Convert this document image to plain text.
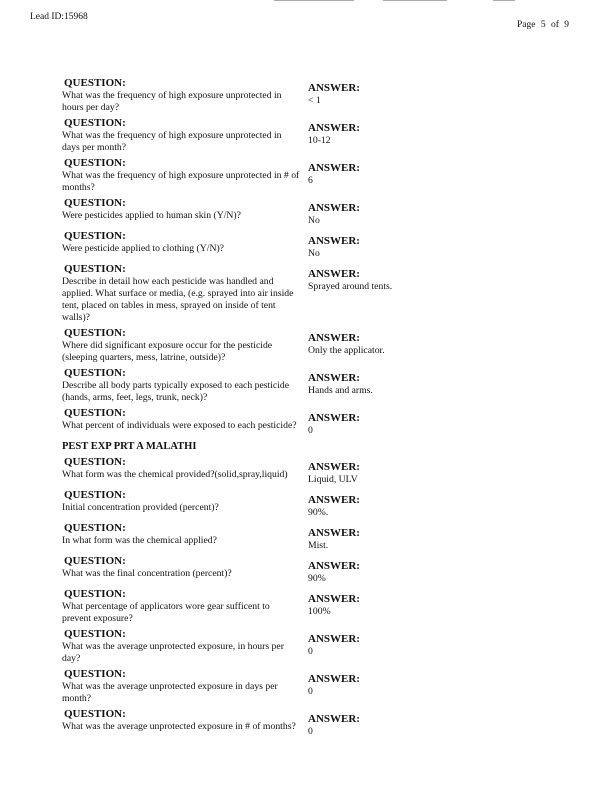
Lead ID:15968
Page 5 of 9
QUESTION:
What was the frequency of high exposure unprotected in hours per day?
ANSWER:
< 1
QUESTION:
What was the frequency of high exposure unprotected in days per month?
ANSWER:
10-12
QUESTION:
What was the frequency of high exposure unprotected in # of months?
ANSWER:
6
QUESTION:
Were pesticides applied to human skin (Y/N)?
ANSWER:
No
QUESTION:
Were pesticide applied to clothing (Y/N)?
ANSWER:
No
QUESTION:
Describe in detail how each pesticide was handled and applied. What surface or media, (e.g. sprayed into air inside tent, placed on tables in mess, sprayed on inside of tent walls)?
ANSWER:
Sprayed around tents.
QUESTION:
Where did significant exposure occur for the pesticide (sleeping quarters, mess, latrine, outside)?
ANSWER:
Only the applicator.
QUESTION:
Describe all body parts typically exposed to each pesticide (hands, arms, feet, legs, trunk, neck)?
ANSWER:
Hands and arms.
QUESTION:
What percent of individuals were exposed to each pesticide?
ANSWER:
0
PEST EXP PRT A MALATHI
QUESTION:
What form was the chemical provided?(solid,spray,liquid)
ANSWER:
Liquid, ULV
QUESTION:
Initial concentration provided (percent)?
ANSWER:
90%.
QUESTION:
In what form was the chemical applied?
ANSWER:
Mist.
QUESTION:
What was the final concentration (percent)?
ANSWER:
90%
QUESTION:
What percentage of applicators wore gear sufficent to prevent exposure?
ANSWER:
100%
QUESTION:
What was the average unprotected exposure, in hours per day?
ANSWER:
0
QUESTION:
What was the average unprotected exposure in days per month?
ANSWER:
0
QUESTION:
What was the average unprotected exposure in # of months?
ANSWER:
0
